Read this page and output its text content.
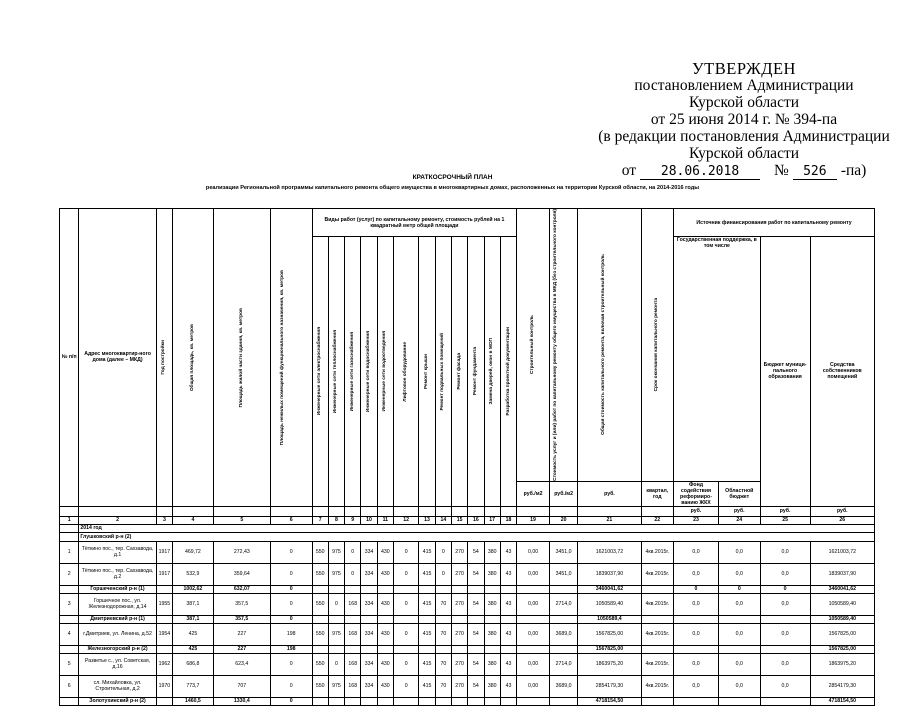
УТВЕРЖДЕН
постановлением Администрации
Курской области
от 25 июня 2014 г. № 394-па
(в редакции постановления Администрации
Курской области
от	28.06.2018	№	526 -па)
КРАТКОСРОЧНЫЙ ПЛАН
реализации Региональной программы капитального ремонта общего имущества в многоквартирных домах, расположенных на территории Курской области, на 2014-2016 годы
№ п/п	Адрес многоквартир-ного дома (далее – МКД)	Год постройки	Общая площадь, кв. метров	Площадь жилой части здания, кв. метров	Площадь нежилых помещений функционального назначения, кв. метров	Виды работ (услуг) по капитальному ремонту, стоимость рублей на 1 квадратный метр общей площади												Строительный контроль	Стоимость услуг и (или) работ по капитальному ремонту общего имущества в МКД (без строительного контроля)	Общая стоимость капитального ремонта, включая строительный контроль	Срок окончания капитального ремонта	Источник финансирования работ по капитальному ремонту			

						Инженерные сети электроснабжения	Инженерные сети теплоснабжения	Инженерные сети газоснабжения	Инженерные сети водоснабжения	Инженерные сети водоотведения	Лифтовое оборудование	Ремонт крыши	Ремонт подвальных помещений	Ремонт фасада	Ремонт фундамента	Замена дверей, окон в МОП	Разработка проектной документации					Государственная поддержка, в том числе		Бюджет муници-пального образования	Средства собственников помещений
																		руб./м2	руб./м2	руб.	квартал, год	Фонд содействия реформиро-ванию ЖКХ	Областной бюджет		
																						руб.	руб.	руб.	руб.
1	2	3	4	5	6	7	8	9	10	11	12	13	14	15	16	17	18	19	20	21	22	23	24	25	26
	2014 год																								
	Глушковский р-н (2)																								
1	Тёткино пос., тер. Сахзавода, д.1	1917	469,72	272,43	0	550	975	0	334	430	0	415	0	270	54	380	43	0,00	3451,0	1621003,72	4кв.2015г.	0,0	0,0	0,0	1621003,72
2	Тёткино пос., тер. Сахзавода, д.2	1917	532,9	359,64	0	550	975	0	334	430	0	415	0	270	54	380	43	0,00	3451,0	1839037,90	4кв.2015г.	0,0	0,0	0,0	1839037,90
	Горшеченский р-н (1)		1002,62	632,07	0															3460041,62		0	0	0	3460041,62
3	Горшечное пос., ул. Железнодорожная, д.14	1955	387,1	357,5	0	550	0	168	334	430	0	415	70	270	54	380	43	0,00	2714,0	1050589,40	4кв.2015г.	0,0	0,0	0,0	1050589,40
	Дмитриевский р-н (1)		387,1	357,5	0															1050589,4					1050589,40
4	г.Дмитриев, ул. Ленина, д.52	1954	425	227	198	550	975	168	334	430	0	415	70	270	54	380	43	0,00	3689,0	1567825,00	4кв.2015г.	0,0	0,0	0,0	1567825,00
	Железногорский р-н (2)		425	227	198															1567825,00					1567825,00
5	Разветье с., ул. Советская, д.16	1962	686,8	623,4	0	550	0	168	334	430	0	415	70	270	54	380	43	0,00	2714,0	1863975,20	4кв.2015г.	0,0	0,0	0,0	1863975,20
6	сл. Михайловка, ул. Строительная, д.2	1970	773,7	707	0	550	975	168	334	430	0	415	70	270	54	380	43	0,00	3689,0	2854179,30	4кв.2015г.	0,0	0,0	0,0	2854179,30
	Золотухинский р-н (2)		1460,5	1330,4	0															4718154,50					4718154,50
